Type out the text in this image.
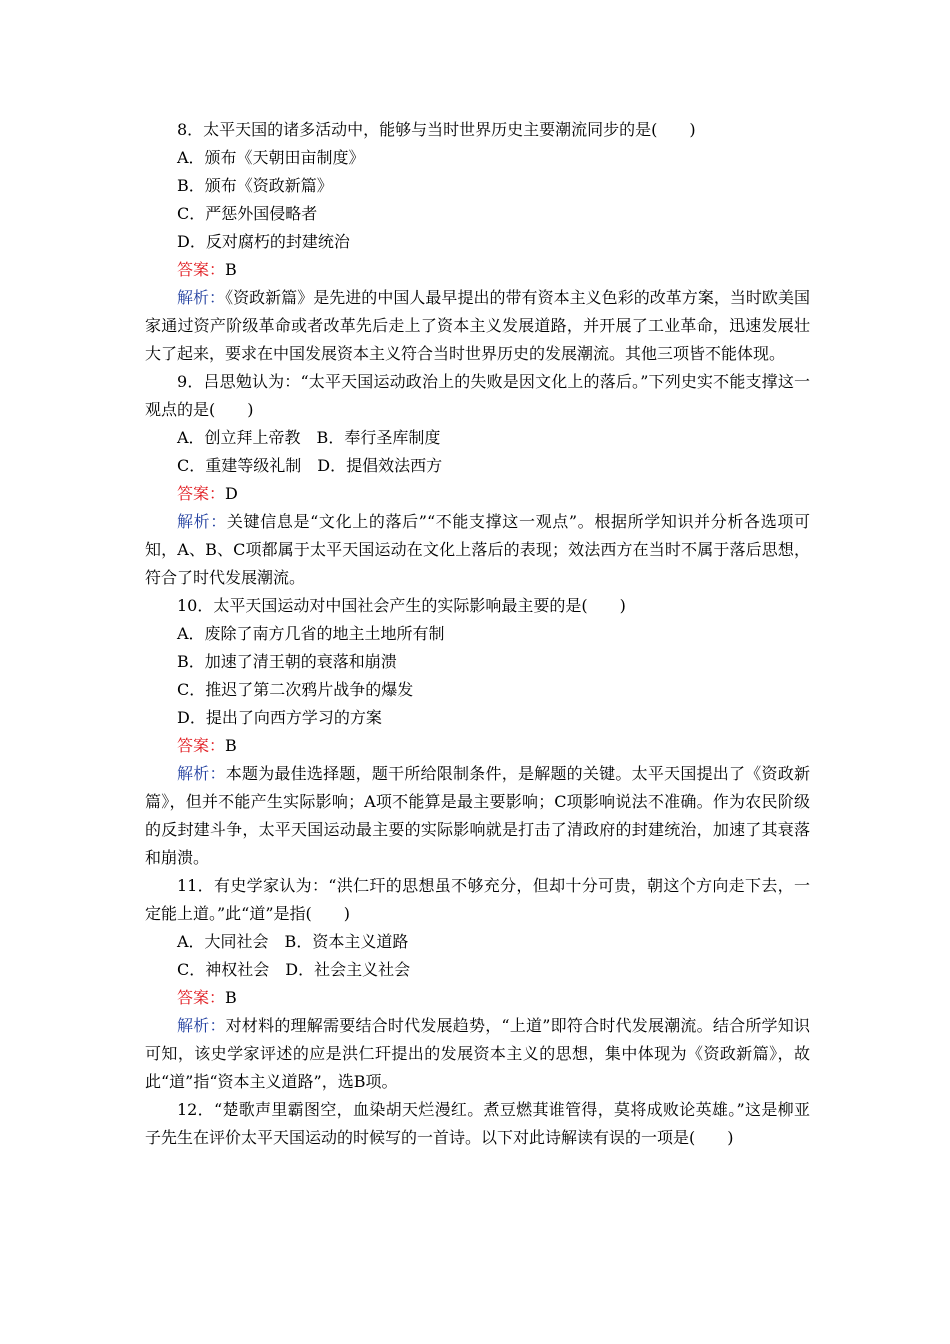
8．太平天国的诸多活动中，能够与当时世界历史主要潮流同步的是(　　)
A．颁布《天朝田亩制度》
B．颁布《资政新篇》
C．严惩外国侵略者
D．反对腐朽的封建统治
答案：B
解析：《资政新篇》是先进的中国人最早提出的带有资本主义色彩的改革方案，当时欧美国家通过资产阶级革命或者改革先后走上了资本主义发展道路，并开展了工业革命，迅速发展壮大了起来，要求在中国发展资本主义符合当时世界历史的发展潮流。其他三项皆不能体现。
9．吕思勉认为：“太平天国运动政治上的失败是因文化上的落后。”下列史实不能支撑这一观点的是(　　)
A．创立拜上帝教　B．奉行圣库制度
C．重建等级礼制　D．提倡效法西方
答案：D
解析：关键信息是“文化上的落后”“不能支撑这一观点”。根据所学知识并分析各选项可知，A、B、C项都属于太平天国运动在文化上落后的表现；效法西方在当时不属于落后思想，符合了时代发展潮流。
10．太平天国运动对中国社会产生的实际影响最主要的是(　　)
A．废除了南方几省的地主土地所有制
B．加速了清王朝的衰落和崩溃
C．推迟了第二次鸦片战争的爆发
D．提出了向西方学习的方案
答案：B
解析：本题为最佳选择题，题干所给限制条件，是解题的关键。太平天国提出了《资政新篇》，但并不能产生实际影响；A项不能算是最主要影响；C项影响说法不准确。作为农民阶级的反封建斗争，太平天国运动最主要的实际影响就是打击了清政府的封建统治，加速了其衰落和崩溃。
11．有史学家认为：“洪仁玕的思想虽不够充分，但却十分可贵，朝这个方向走下去，一定能上道。”此“道”是指(　　)
A．大同社会　B．资本主义道路
C．神权社会　D．社会主义社会
答案：B
解析：对材料的理解需要结合时代发展趋势，“上道”即符合时代发展潮流。结合所学知识可知，该史学家评述的应是洪仁玕提出的发展资本主义的思想，集中体现为《资政新篇》，故此“道”指“资本主义道路”，选B项。
12．“楚歌声里霸图空，血染胡天烂漫红。煮豆燃萁谁管得，莫将成败论英雄。”这是柳亚子先生在评价太平天国运动的时候写的一首诗。以下对此诗解读有误的一项是(　　)
